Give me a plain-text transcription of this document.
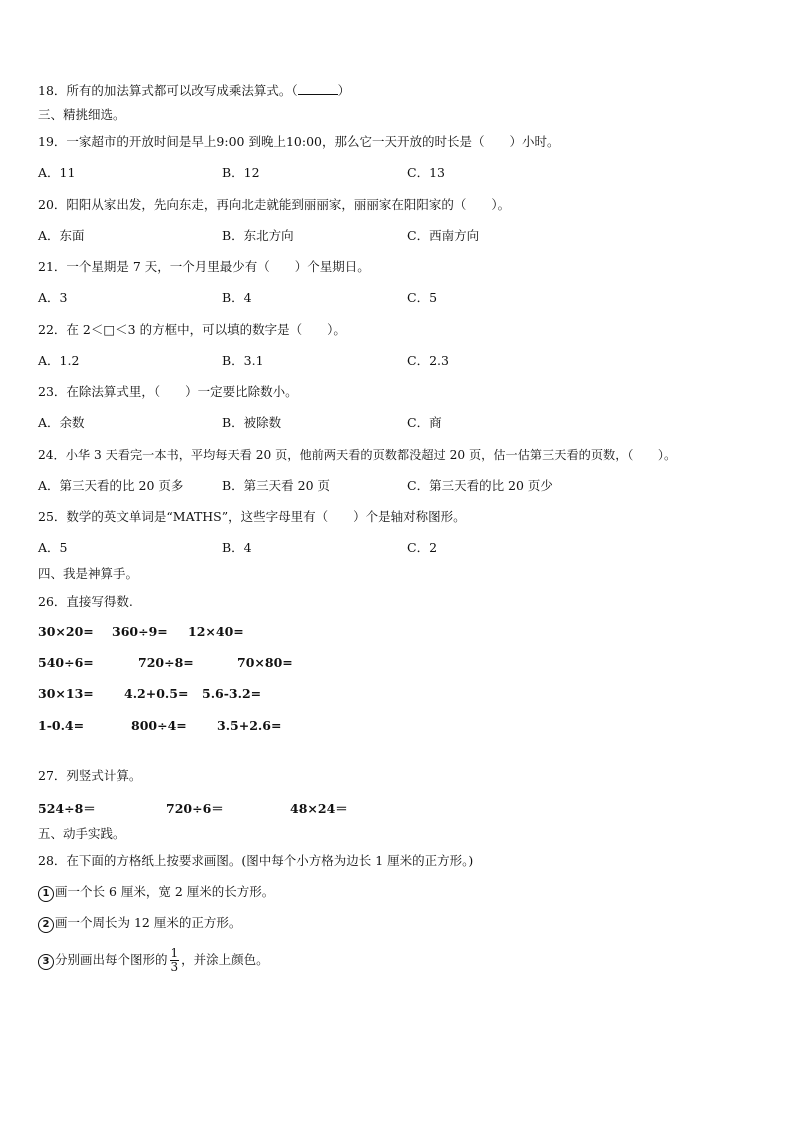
18．所有的加法算式都可以改写成乘法算式。（	）
三、精挑细选。
19．一家超市的开放时间是早上9:00 到晚上10:00，那么它一天开放的时长是（　　）小时。
A．11	B．12	C．13
20．阳阳从家出发，先向东走，再向北走就能到丽丽家，丽丽家在阳阳家的（　　）。
A．东面	B．东北方向	C．西南方向
21．一个星期是 7 天，一个月里最少有（　　）个星期日。
A．3	B．4	C．5
22．在 2＜□＜3 的方框中，可以填的数字是（　　）。
A．1.2	B．3.1	C．2.3
23．在除法算式里，（　　）一定要比除数小。
A．余数	B．被除数	C．商
24．小华 3 天看完一本书，平均每天看 20 页，他前两天看的页数都没超过 20 页，估一估第三天看的页数，（　　）。
A．第三天看的比 20 页多	B．第三天看 20 页	C．第三天看的比 20 页少
25．数学的英文单词是“MATHS”，这些字母里有（　　）个是轴对称图形。
A．5	B．4	C．2
四、我是神算手。
26．直接写得数.
30×20= 360÷9= 12×40=
540÷6=	720÷8=	70×80=
30×13= 4.2+0.5= 5.6-3.2=
1-0.4=	800÷4= 3.5+2.6=
27．列竖式计算。
524÷8＝	720÷6＝	48×24＝
五、动手实践。
28．在下面的方格纸上按要求画图。(图中每个小方格为边长 1 厘米的正方形。)
1 画一个长 6 厘米，宽 2 厘米的长方形。
2 画一个周长为 12 厘米的正方形。
3 分别画出每个图形的 $\frac{1}{3}$ ，并涂上颜色。
